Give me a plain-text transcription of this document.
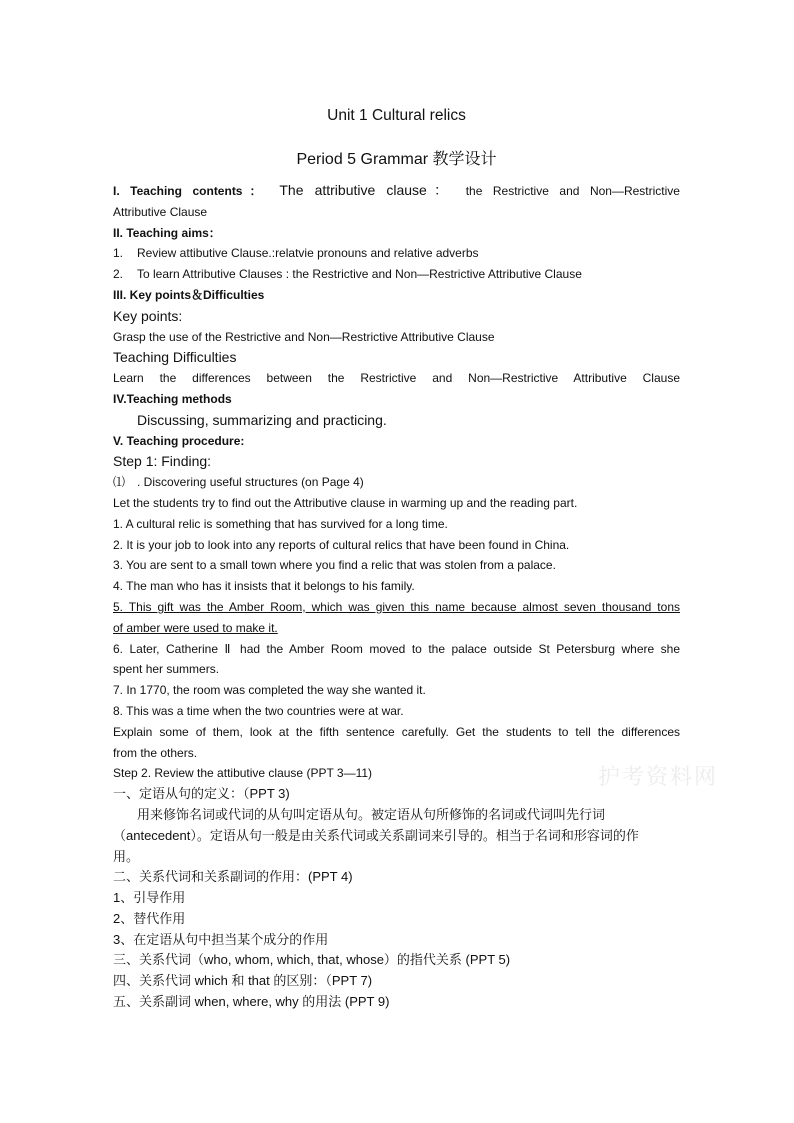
护考资料网

Unit 1 Cultural relics

Period 5 Grammar 教学设计

I. Teaching contents： The attributive clause： the Restrictive and Non—Restrictive

Attributive Clause

II. Teaching aims：

1.	Review attibutive Clause.:relatvie pronouns and relative adverbs

2.	To learn Attributive Clauses : the Restrictive and Non—Restrictive Attributive Clause

III. Key points＆Difficulties

Key points:

Grasp the use of the Restrictive and Non—Restrictive Attributive Clause

Teaching Difficulties

Learn the differences between the Restrictive and Non—Restrictive Attributive Clause

IV.Teaching methods

Discussing, summarizing and practicing.

V. Teaching procedure:

Step 1: Finding:

⑴　. Discovering useful structures (on Page 4)

Let the students try to find out the Attributive clause in warming up and the reading part.

1. A cultural relic is something that has survived for a long time.

2. It is your job to look into any reports of cultural relics that have been found in China.

3. You are sent to a small town where you find a relic that was stolen from a palace.

4. The man who has it insists that it belongs to his family.

5. This gift was the Amber Room, which was given this name because almost seven thousand tons

of amber were used to make it.

6. Later, Catherine Ⅱ had the Amber Room moved to the palace outside St Petersburg where she

spent her summers.

7. In 1770, the room was completed the way she wanted it.

8. This was a time when the two countries were at war.

Explain some of them, look at the fifth sentence carefully. Get the students to tell the differences

from the others.

Step 2. Review the attibutive clause (PPT 3—11)

一、定语从句的定义：（PPT 3)

用来修饰名词或代词的从句叫定语从句。被定语从句所修饰的名词或代词叫先行词

（antecedent）。定语从句一般是由关系代词或关系副词来引导的。相当于名词和形容词的作

用。

二、关系代词和关系副词的作用：(PPT 4)

1、引导作用

2、替代作用

3、在定语从句中担当某个成分的作用

三、关系代词（who, whom, which, that, whose）的指代关系 (PPT 5)

四、关系代词 which 和 that 的区别：（PPT 7)

五、关系副词 when, where, why 的用法 (PPT 9)
